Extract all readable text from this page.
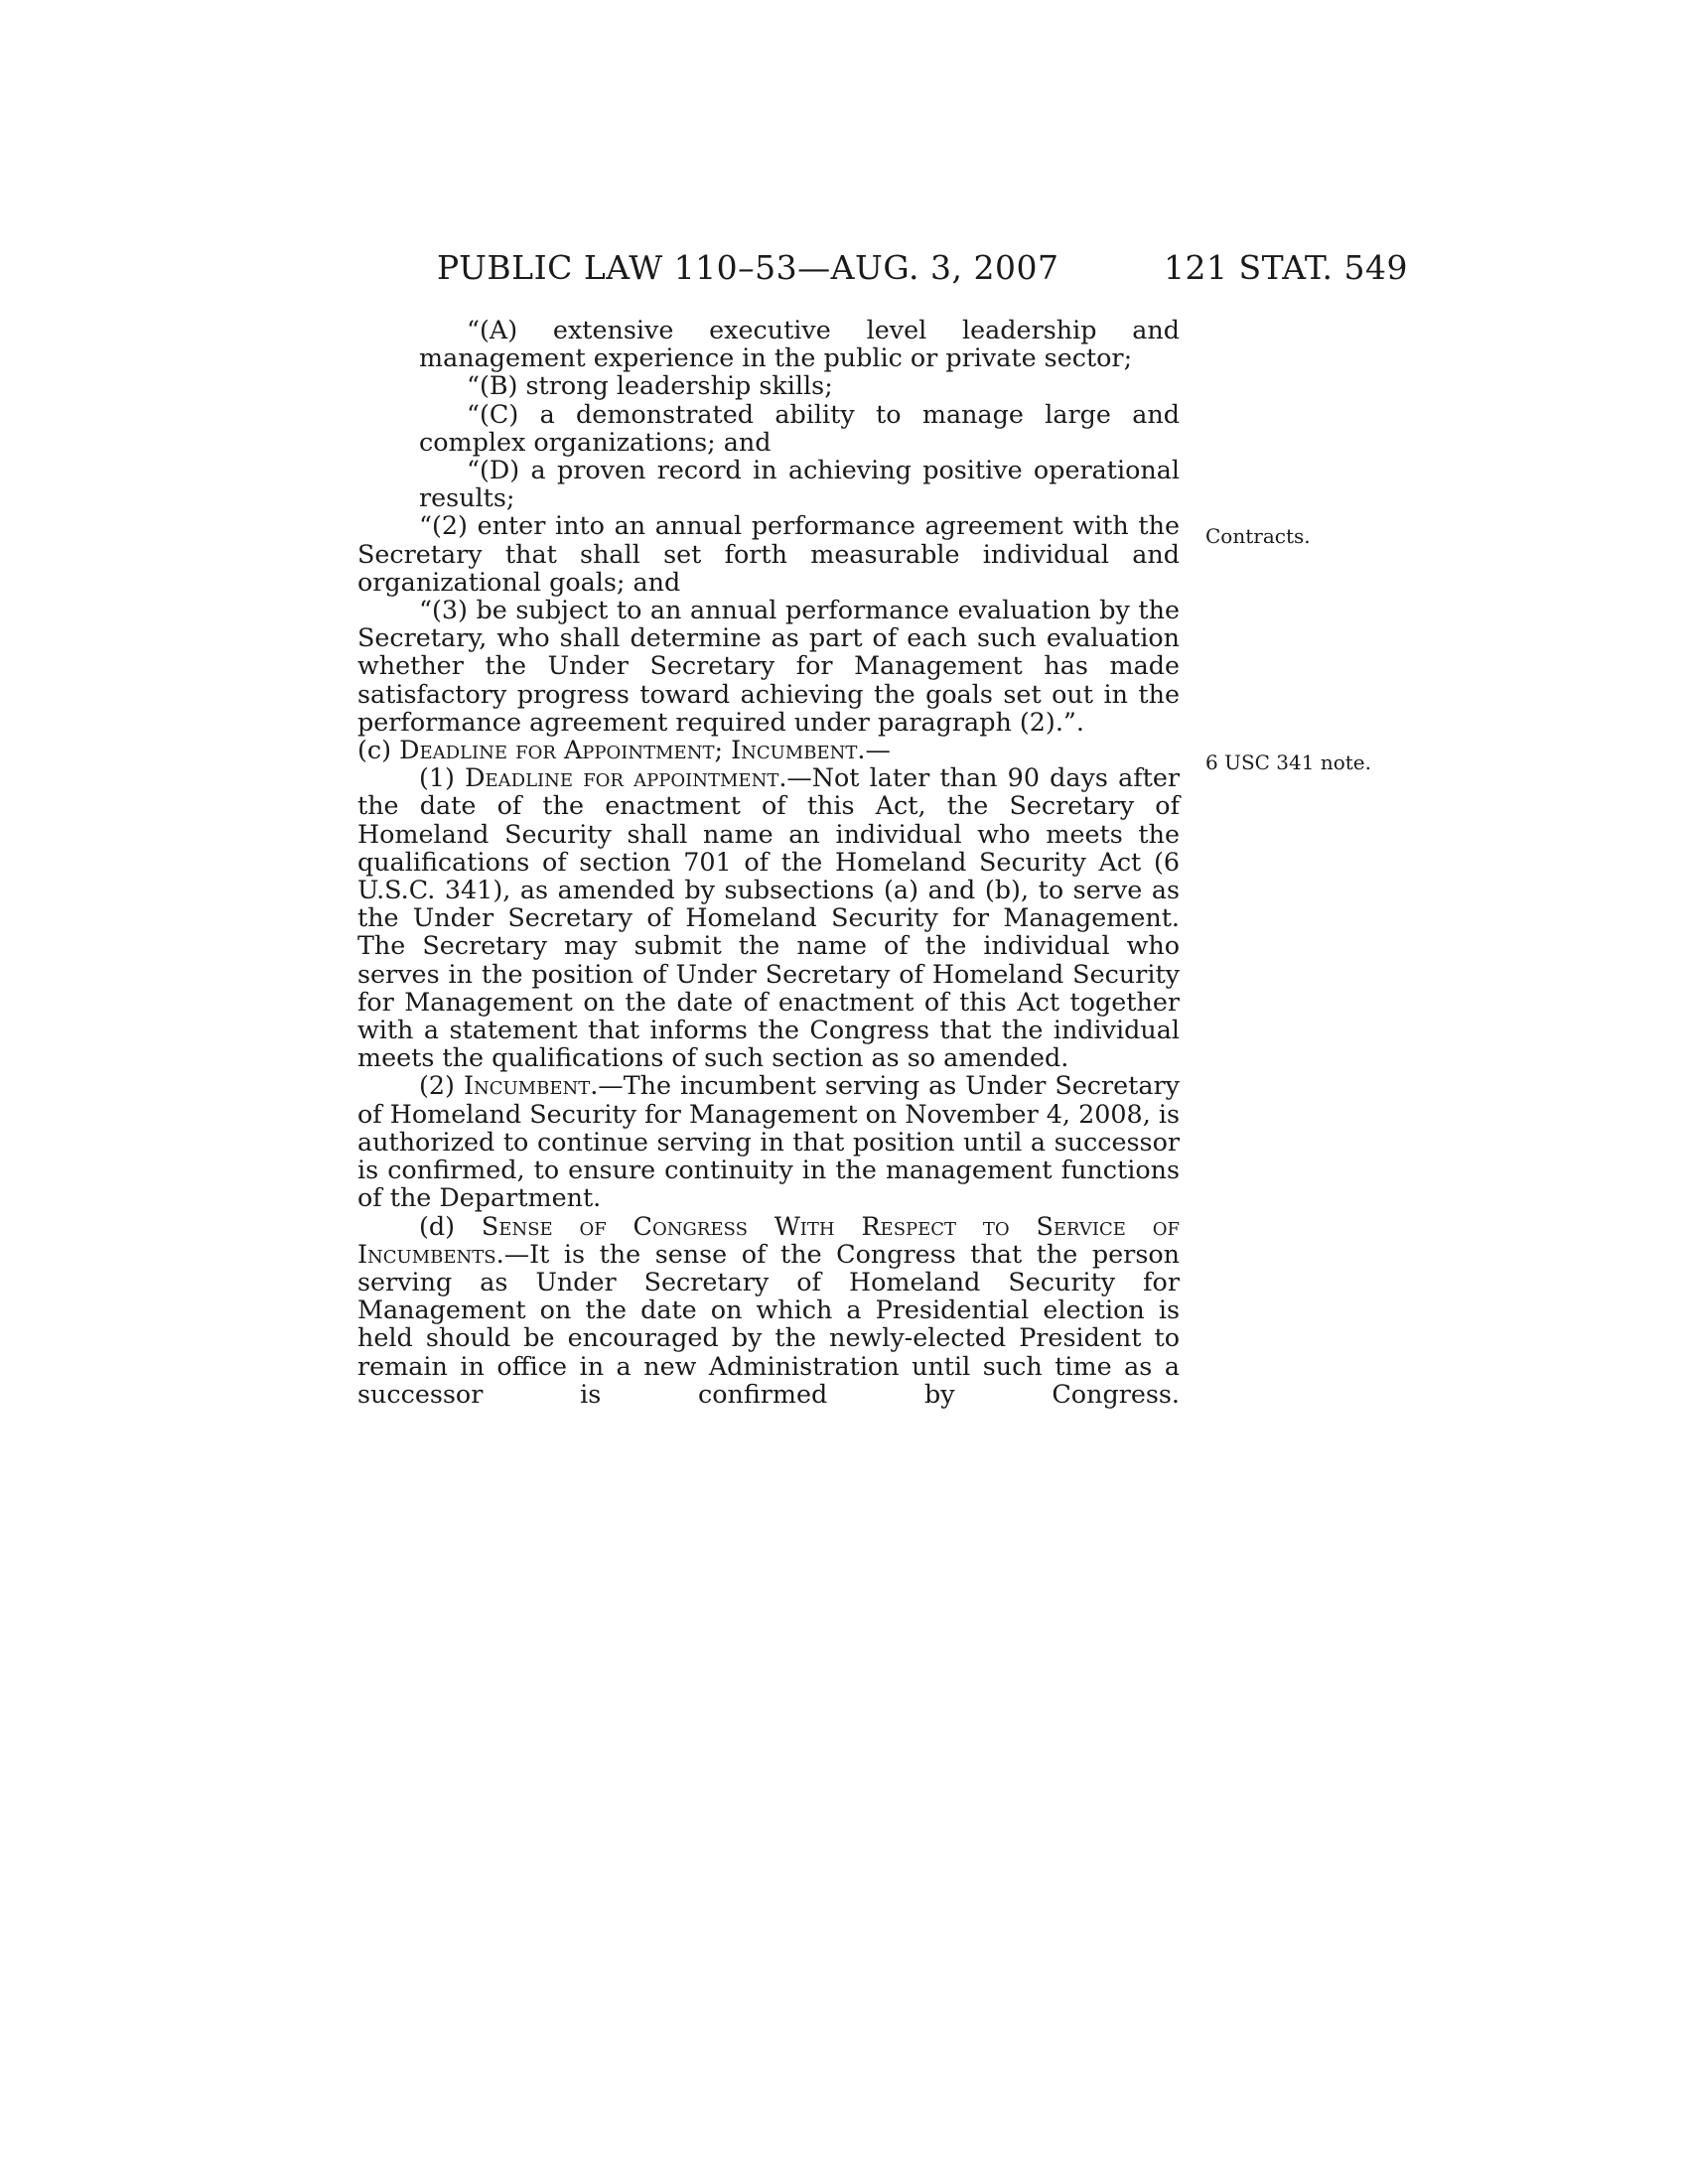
PUBLIC LAW 110–53—AUG. 3, 2007	121 STAT. 549
Contracts.
6 USC 341 note.
“(A) extensive executive level leadership and management experience in the public or private sector;
“(B) strong leadership skills;
“(C) a demonstrated ability to manage large and complex organizations; and
“(D) a proven record in achieving positive operational results;
“(2) enter into an annual performance agreement with the Secretary that shall set forth measurable individual and organizational goals; and
“(3) be subject to an annual performance evaluation by the Secretary, who shall determine as part of each such evaluation whether the Under Secretary for Management has made satisfactory progress toward achieving the goals set out in the performance agreement required under paragraph (2).”.
(c) Deadline for Appointment; Incumbent.—
(1) Deadline for appointment.—Not later than 90 days after the date of the enactment of this Act, the Secretary of Homeland Security shall name an individual who meets the qualifications of section 701 of the Homeland Security Act (6 U.S.C. 341), as amended by subsections (a) and (b), to serve as the Under Secretary of Homeland Security for Management. The Secretary may submit the name of the individual who serves in the position of Under Secretary of Homeland Security for Management on the date of enactment of this Act together with a statement that informs the Congress that the individual meets the qualifications of such section as so amended.
(2) Incumbent.—The incumbent serving as Under Secretary of Homeland Security for Management on November 4, 2008, is authorized to continue serving in that position until a successor is confirmed, to ensure continuity in the management functions of the Department.
(d) Sense of Congress With Respect to Service of Incumbents.—It is the sense of the Congress that the person serving as Under Secretary of Homeland Security for Management on the date on which a Presidential election is held should be encouraged by the newly-elected President to remain in office in a new Administration until such time as a successor is confirmed by Congress.
